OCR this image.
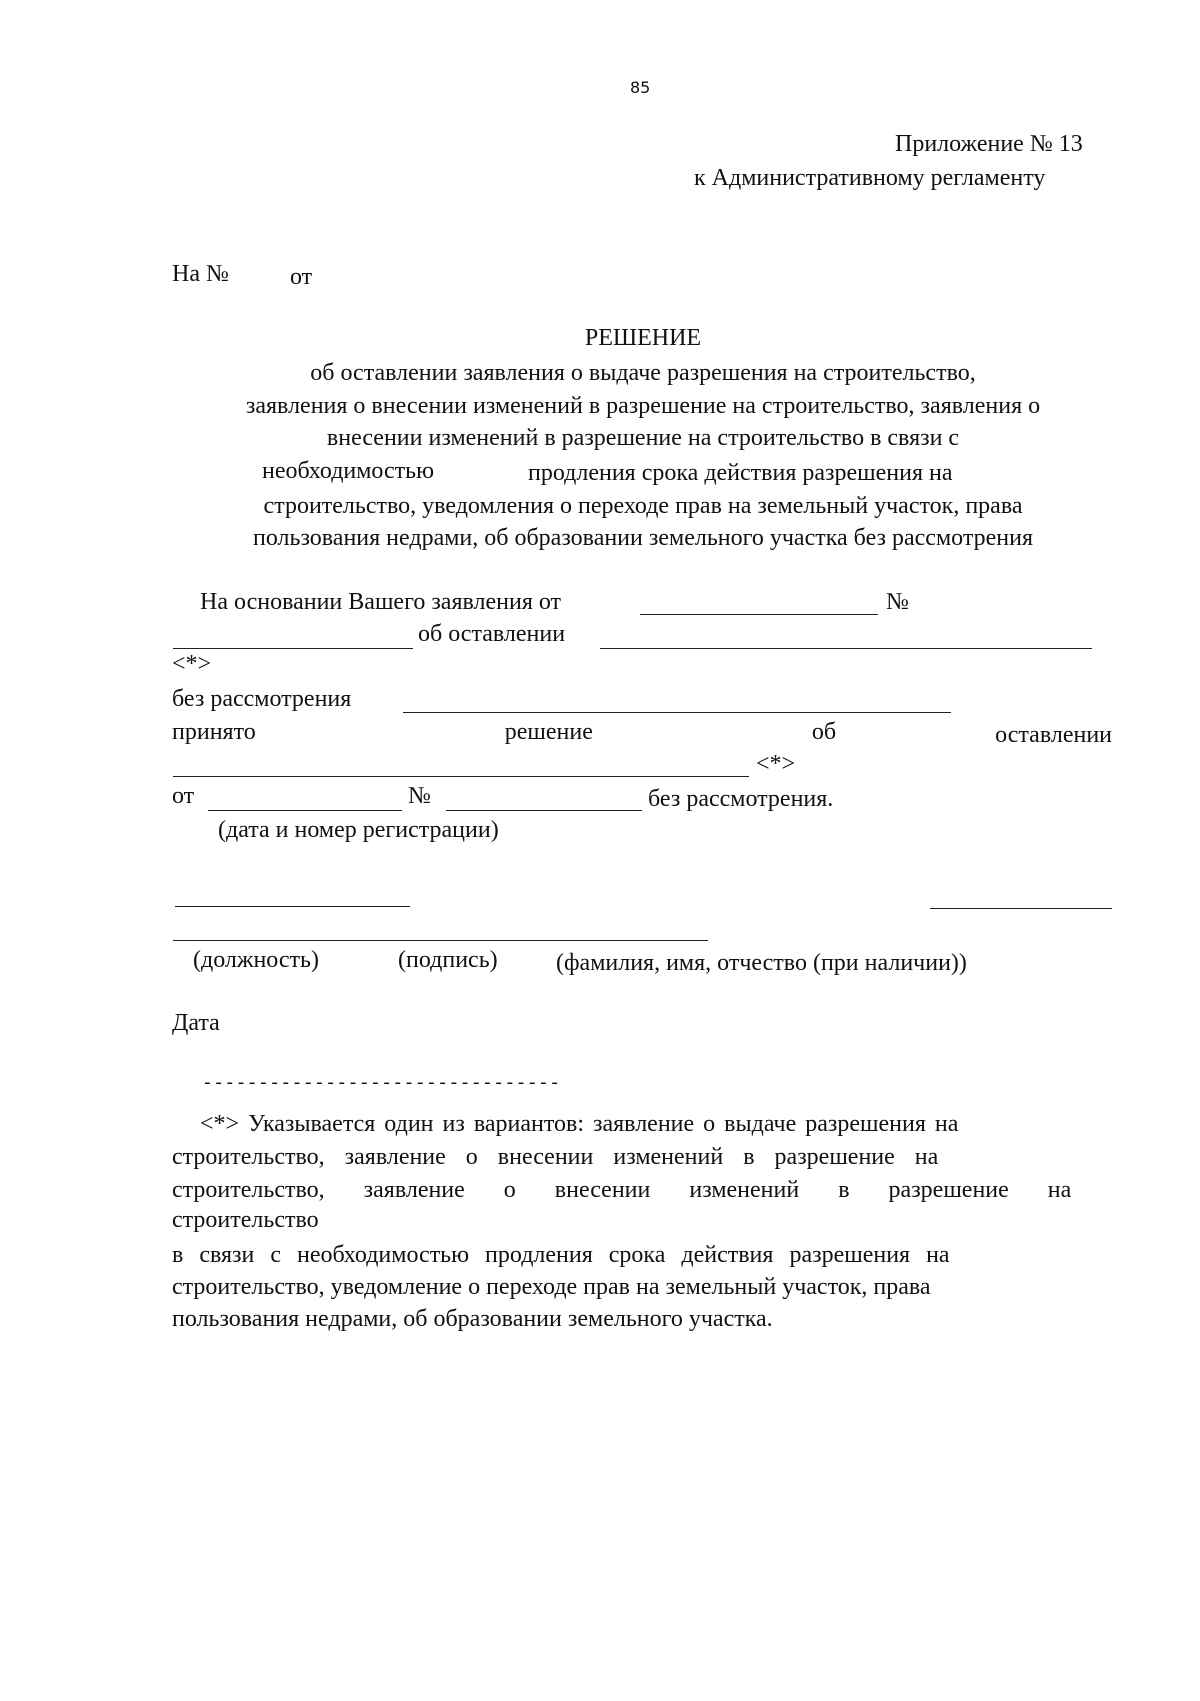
85
Приложение № 13
к Административному регламенту
На №	от
РЕШЕНИЕ
об оставлении заявления о выдаче разрешения на строительство,
заявления о внесении изменений в разрешение на строительство, заявления о
внесении изменений в разрешение на строительство в связи с
необходимостью	продления срока действия разрешения на
строительство, уведомления о переходе прав на земельный участок, права
пользования недрами, об образовании земельного участка без рассмотрения
На основании Вашего заявления от	№
об оставлении
<*>
без рассмотрения
принято	решение	об	оставлении
<*>
от	№	без рассмотрения.
(дата и номер регистрации)
(должность)	(подпись) (фамилия, имя, отчество (при наличии))
Дата
--------------------------------
<*> Указывается один из вариантов: заявление о выдаче разрешения на
строительство, заявление о внесении изменений в разрешение на
строительство, заявление о внесении изменений в разрешение на
строительство
в связи с необходимостью продления срока действия разрешения на
строительство, уведомление о переходе прав на земельный участок, права
пользования недрами, об образовании земельного участка.
